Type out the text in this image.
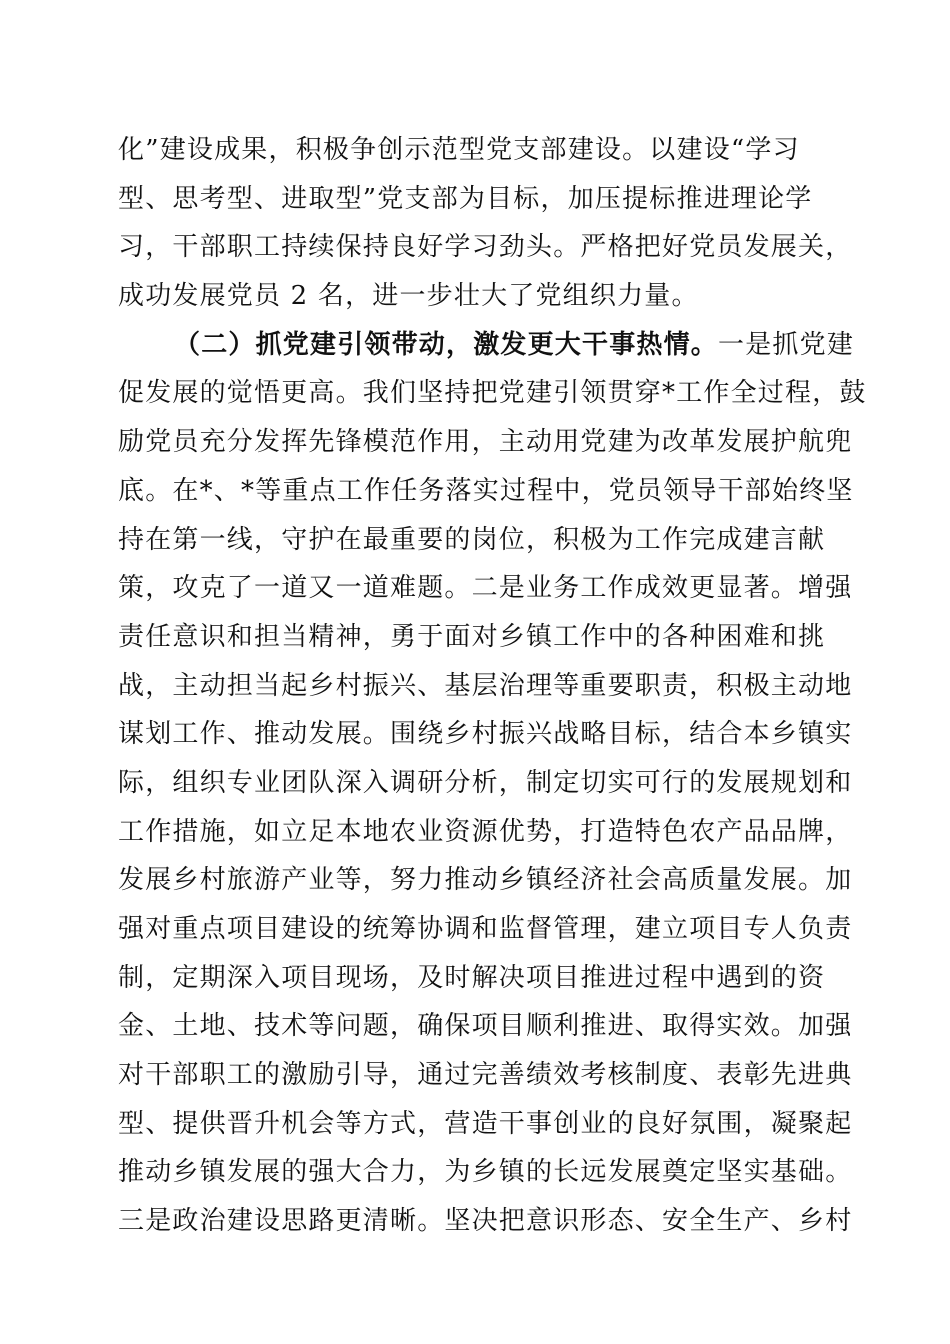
化”建设成果，积极争创示范型党支部建设。以建设“学习
型、思考型、进取型”党支部为目标，加压提标推进理论学
习，干部职工持续保持良好学习劲头。严格把好党员发展关，
成功发展党员 2 名，进一步壮大了党组织力量。
（二）抓党建引领带动，激发更大干事热情。一是抓党建
促发展的觉悟更高。我们坚持把党建引领贯穿*工作全过程，鼓
励党员充分发挥先锋模范作用，主动用党建为改革发展护航兜
底。在*、*等重点工作任务落实过程中，党员领导干部始终坚
持在第一线，守护在最重要的岗位，积极为工作完成建言献
策，攻克了一道又一道难题。二是业务工作成效更显著。增强
责任意识和担当精神，勇于面对乡镇工作中的各种困难和挑
战，主动担当起乡村振兴、基层治理等重要职责，积极主动地
谋划工作、推动发展。围绕乡村振兴战略目标，结合本乡镇实
际，组织专业团队深入调研分析，制定切实可行的发展规划和
工作措施，如立足本地农业资源优势，打造特色农产品品牌，
发展乡村旅游产业等，努力推动乡镇经济社会高质量发展。加
强对重点项目建设的统筹协调和监督管理，建立项目专人负责
制，定期深入项目现场，及时解决项目推进过程中遇到的资
金、土地、技术等问题，确保项目顺利推进、取得实效。加强
对干部职工的激励引导，通过完善绩效考核制度、表彰先进典
型、提供晋升机会等方式，营造干事创业的良好氛围，凝聚起
推动乡镇发展的强大合力，为乡镇的长远发展奠定坚实基础。
三是政治建设思路更清晰。坚决把意识形态、安全生产、乡村
